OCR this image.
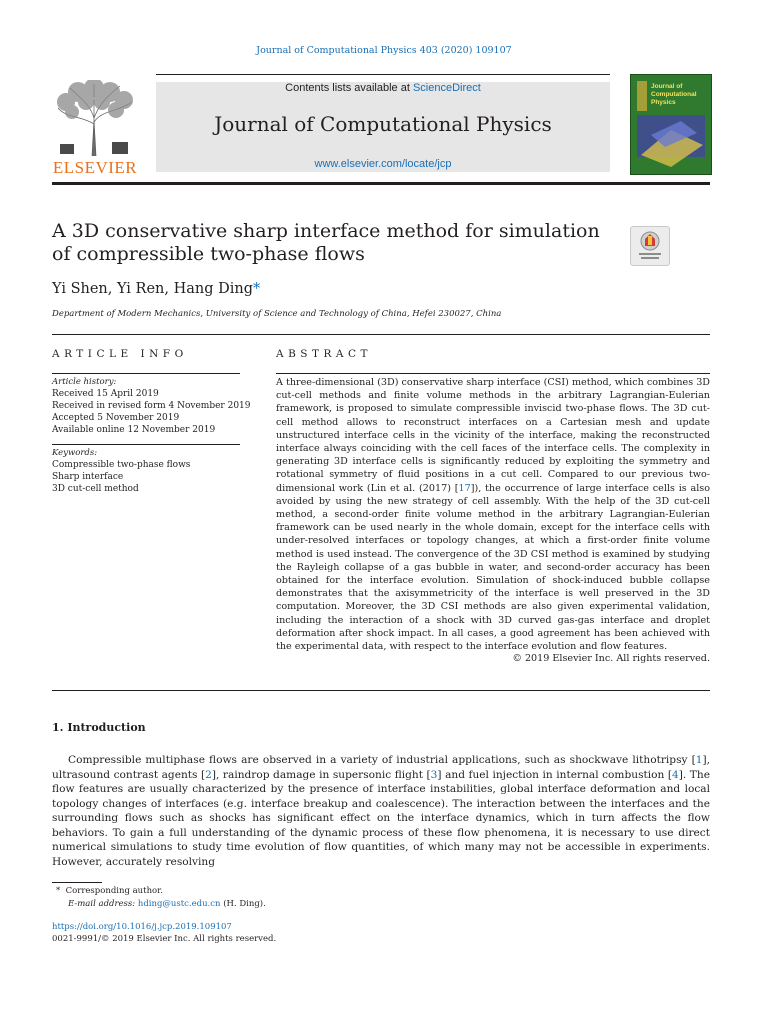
Journal of Computational Physics 403 (2020) 109107
ELSEVIER
Contents lists available at ScienceDirect
Journal of Computational Physics
www.elsevier.com/locate/jcp
Journal of Computational Physics
A 3D conservative sharp interface method for simulation of compressible two-phase flows
Yi Shen, Yi Ren, Hang Ding*
Department of Modern Mechanics, University of Science and Technology of China, Hefei 230027, China
ARTICLE INFO
Article history:
Received 15 April 2019
Received in revised form 4 November 2019
Accepted 5 November 2019
Available online 12 November 2019
Keywords:
Compressible two-phase flows
Sharp interface
3D cut-cell method
ABSTRACT
A three-dimensional (3D) conservative sharp interface (CSI) method, which combines 3D cut-cell methods and finite volume methods in the arbitrary Lagrangian-Eulerian framework, is proposed to simulate compressible inviscid two-phase flows. The 3D cut-cell method allows to reconstruct interfaces on a Cartesian mesh and update unstructured interface cells in the vicinity of the interface, making the reconstructed interface always coinciding with the cell faces of the interface cells. The complexity in generating 3D interface cells is significantly reduced by exploiting the symmetry and rotational symmetry of fluid positions in a cut cell. Compared to our previous two-dimensional work (Lin et al. (2017) [17]), the occurrence of large interface cells is also avoided by using the new strategy of cell assembly. With the help of the 3D cut-cell method, a second-order finite volume method in the arbitrary Lagrangian-Eulerian framework can be used nearly in the whole domain, except for the interface cells with under-resolved interfaces or topology changes, at which a first-order finite volume method is used instead. The convergence of the 3D CSI method is examined by studying the Rayleigh collapse of a gas bubble in water, and second-order accuracy has been obtained for the interface evolution. Simulation of shock-induced bubble collapse demonstrates that the axisymmetricity of the interface is well preserved in the 3D computation. Moreover, the 3D CSI methods are also given experimental validation, including the interaction of a shock with 3D curved gas-gas interface and droplet deformation after shock impact. In all cases, a good agreement has been achieved with the experimental data, with respect to the interface evolution and flow features.
© 2019 Elsevier Inc. All rights reserved.
1. Introduction
Compressible multiphase flows are observed in a variety of industrial applications, such as shockwave lithotripsy [1], ultrasound contrast agents [2], raindrop damage in supersonic flight [3] and fuel injection in internal combustion [4]. The flow features are usually characterized by the presence of interface instabilities, global interface deformation and local topology changes of interfaces (e.g. interface breakup and coalescence). The interaction between the interfaces and the surrounding flows such as shocks has significant effect on the interface dynamics, which in turn affects the flow behaviors. To gain a full understanding of the dynamic process of these flow phenomena, it is necessary to use direct numerical simulations to study time evolution of flow quantities, of which many may not be accessible in experiments. However, accurately resolving
* Corresponding author.
E-mail address: hding@ustc.edu.cn (H. Ding).
https://doi.org/10.1016/j.jcp.2019.109107
0021-9991/© 2019 Elsevier Inc. All rights reserved.
